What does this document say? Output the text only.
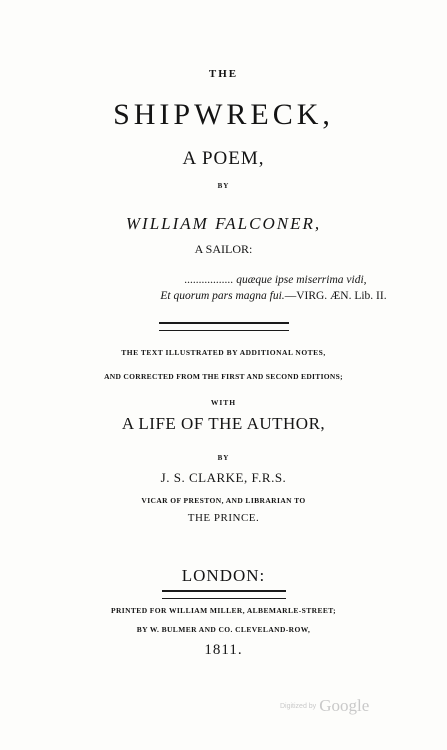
THE
SHIPWRECK,
A POEM,
BY
WILLIAM FALCONER,
A SAILOR:
................. quæque ipse miserrima vidi,
Et quorum pars magna fui.—VIRG. ÆN. Lib. II.
THE TEXT ILLUSTRATED BY ADDITIONAL NOTES,
AND CORRECTED FROM THE FIRST AND SECOND EDITIONS;
WITH
A LIFE OF THE AUTHOR,
BY
J. S. CLARKE, F.R.S.
VICAR OF PRESTON, AND LIBRARIAN TO
THE PRINCE.
LONDON:
PRINTED FOR WILLIAM MILLER, ALBEMARLE-STREET;
BY W. BULMER AND CO. CLEVELAND-ROW,
1811.
Digitized by Google
